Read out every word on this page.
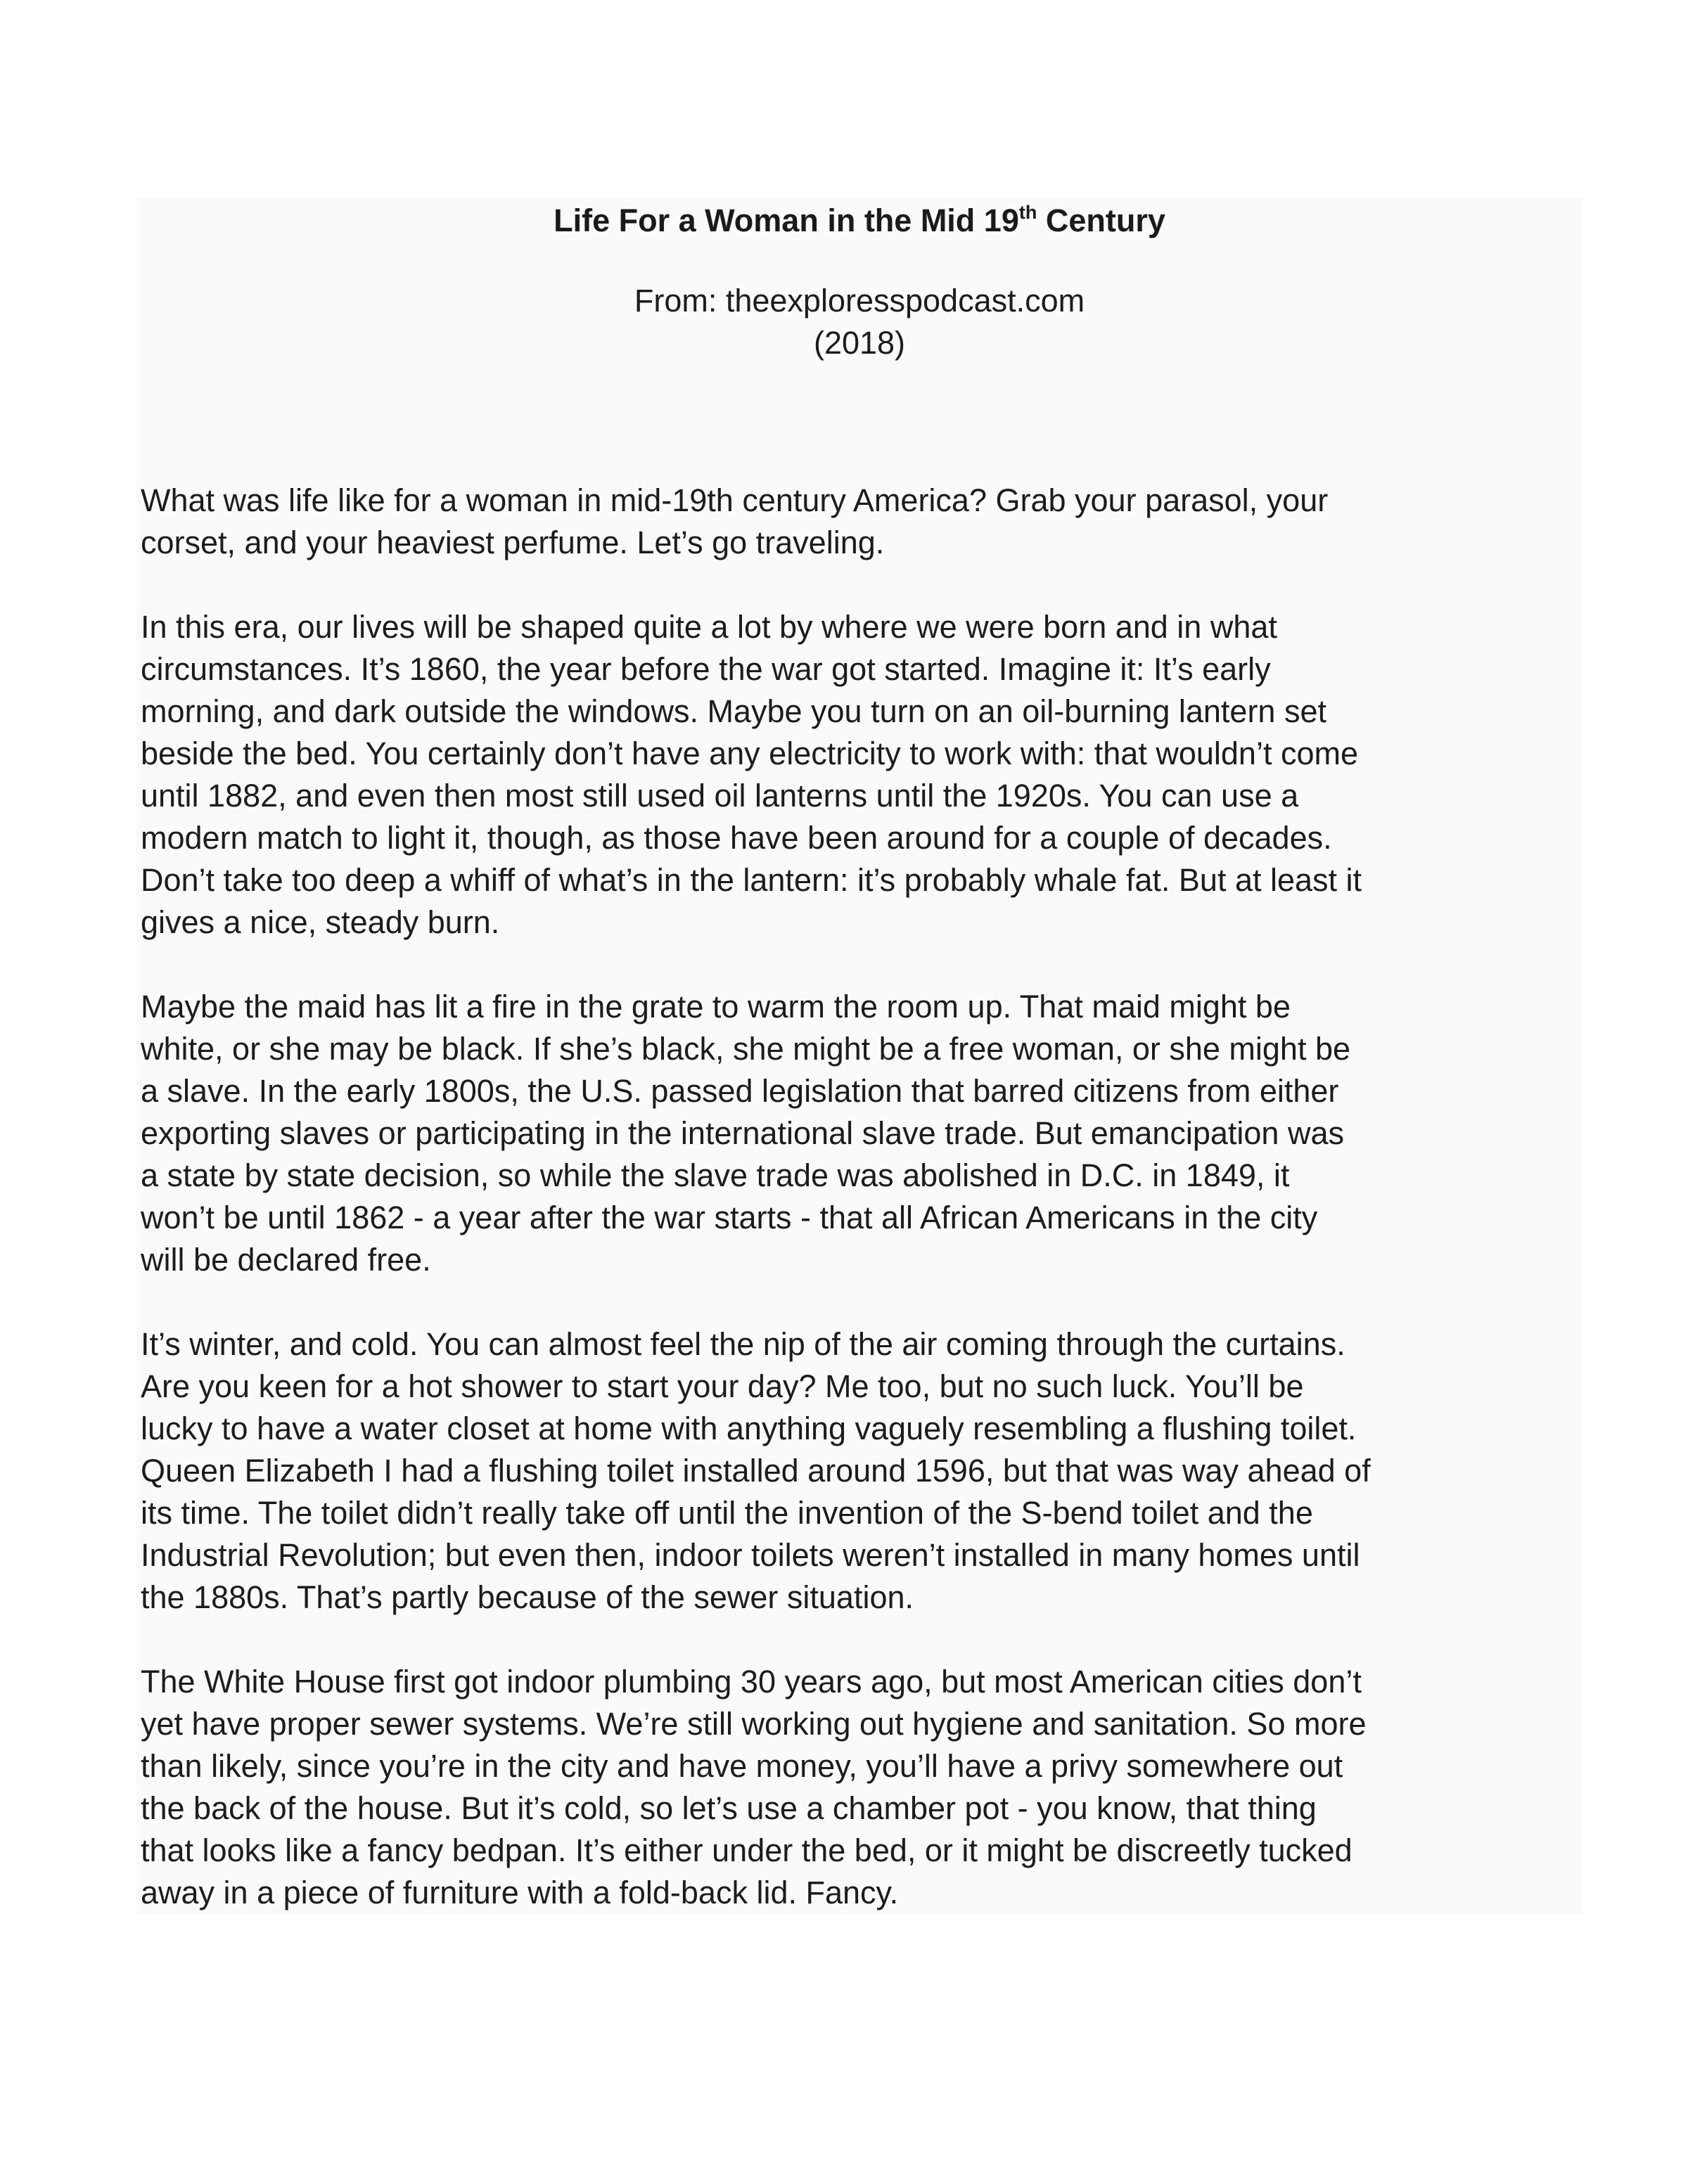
Life For a Woman in the Mid 19th Century
From: theexploresspodcast.com
(2018)

What was life like for a woman in mid-19th century America? Grab your parasol, your
corset, and your heaviest perfume. Let’s go traveling.

In this era, our lives will be shaped quite a lot by where we were born and in what
circumstances. It’s 1860, the year before the war got started. Imagine it: It’s early
morning, and dark outside the windows. Maybe you turn on an oil-burning lantern set
beside the bed. You certainly don’t have any electricity to work with: that wouldn’t come
until 1882, and even then most still used oil lanterns until the 1920s. You can use a
modern match to light it, though, as those have been around for a couple of decades.
Don’t take too deep a whiff of what’s in the lantern: it’s probably whale fat. But at least it
gives a nice, steady burn.

Maybe the maid has lit a fire in the grate to warm the room up. That maid might be
white, or she may be black. If she’s black, she might be a free woman, or she might be
a slave. In the early 1800s, the U.S. passed legislation that barred citizens from either
exporting slaves or participating in the international slave trade. But emancipation was
a state by state decision, so while the slave trade was abolished in D.C. in 1849, it
won’t be until 1862 - a year after the war starts - that all African Americans in the city
will be declared free.

It’s winter, and cold. You can almost feel the nip of the air coming through the curtains.
Are you keen for a hot shower to start your day? Me too, but no such luck. You’ll be
lucky to have a water closet at home with anything vaguely resembling a flushing toilet.
Queen Elizabeth I had a flushing toilet installed around 1596, but that was way ahead of
its time. The toilet didn’t really take off until the invention of the S-bend toilet and the
Industrial Revolution; but even then, indoor toilets weren’t installed in many homes until
the 1880s. That’s partly because of the sewer situation.

The White House first got indoor plumbing 30 years ago, but most American cities don’t
yet have proper sewer systems. We’re still working out hygiene and sanitation. So more
than likely, since you’re in the city and have money, you’ll have a privy somewhere out
the back of the house. But it’s cold, so let’s use a chamber pot - you know, that thing
that looks like a fancy bedpan. It’s either under the bed, or it might be discreetly tucked
away in a piece of furniture with a fold-back lid. Fancy.
